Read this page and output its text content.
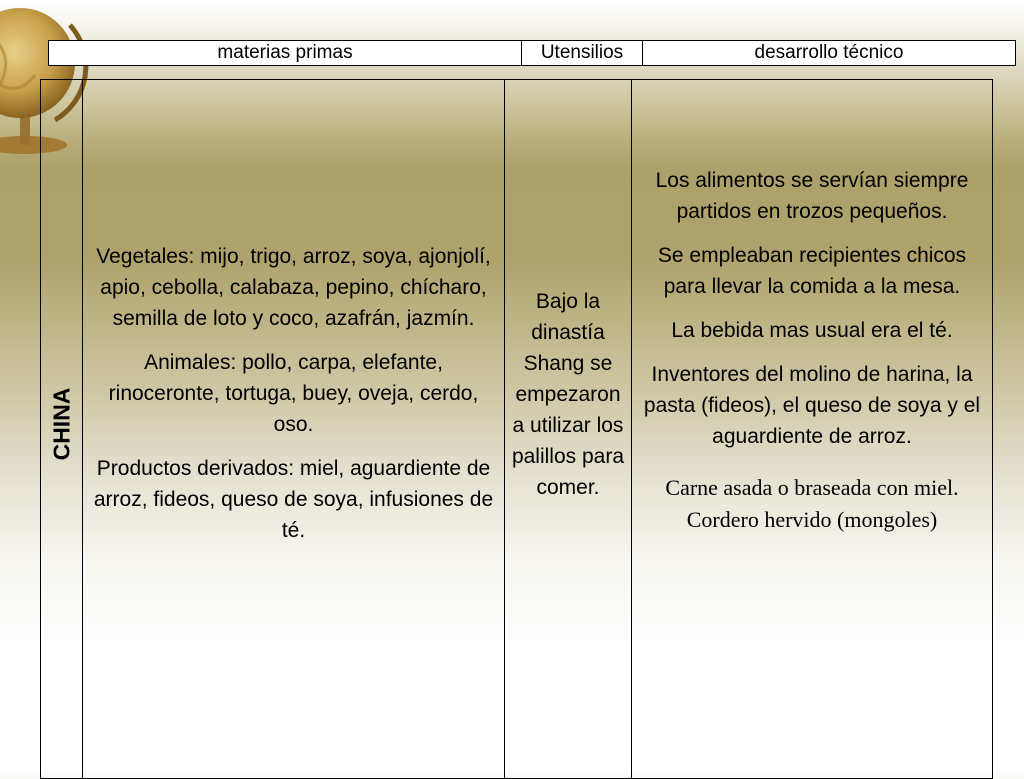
materias primas	Utensilios	desarrollo técnico
CHINA

Vegetales: mijo, trigo, arroz, soya, ajonjolí, apio, cebolla, calabaza, pepino, chícharo, semilla de loto y coco, azafrán, jazmín.

Animales: pollo, carpa, elefante, rinoceronte, tortuga, buey, oveja, cerdo, oso.

Productos derivados: miel, aguardiente de arroz, fideos, queso de soya, infusiones de té.

Bajo la dinastía Shang se empezaron a utilizar los palillos para comer.

Los alimentos se servían siempre partidos en trozos pequeños.

Se empleaban recipientes chicos para llevar la comida a la mesa.

La bebida mas usual era el té.

Inventores del molino de harina, la pasta (fideos), el queso de soya y el aguardiente de arroz.

Carne asada o braseada con miel.
Cordero hervido (mongoles)
